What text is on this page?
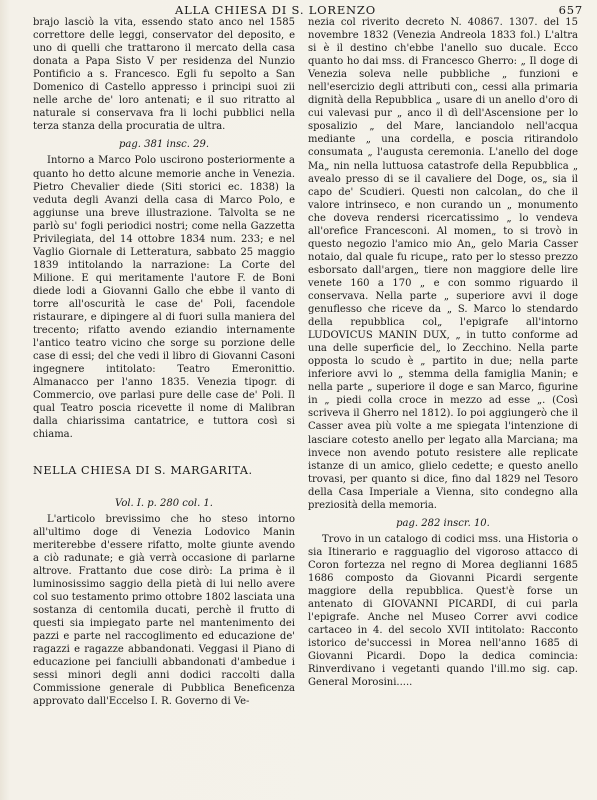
ALLA CHIESA DI S. LORENZO	657

brajo lasciò la vita, essendo stato anco nel 1585 correttore delle leggi, conservator del deposito, e uno di quelli che trattarono il mercato della casa donata a Papa Sisto V per residenza del Nunzio Pontificio a s. Francesco. Egli fu sepolto a San Domenico di Castello appresso i principi suoi zii nelle arche de' loro antenati; e il suo ritratto al naturale si conservava fra li lochi pubblici nella terza stanza della procuratia de ultra.

pag. 381 insc. 29.

Intorno a Marco Polo uscirono posteriormente a quanto ho detto alcune memorie anche in Venezia. Pietro Chevalier diede (Siti storici ec. 1838) la veduta degli Avanzi della casa di Marco Polo, e aggiunse una breve illustrazione. Talvolta se ne parlò su' fogli periodici nostri; come nella Gazzetta Privilegiata, del 14 ottobre 1834 num. 233; e nel Vaglio Giornale di Letteratura, sabbato 25 maggio 1839 intitolando la narrazione: La Corte del Milione. E qui meritamente l'autore F. de Boni diede lodi a Giovanni Gallo che ebbe il vanto di torre all'oscurità le case de' Poli, facendole ristaurare, e dipingere al di fuori sulla maniera del trecento; rifatto avendo eziandio internamente l'antico teatro vicino che sorge su porzione delle case di essi; del che vedi il libro di Giovanni Casoni ingegnere intitolato: Teatro Emeronittio. Almanacco per l'anno 1835. Venezia tipogr. di Commercio, ove parlasi pure delle case de' Poli. Il qual Teatro poscia ricevette il nome di Malibran dalla chiarissima cantatrice, e tuttora così si chiama.

NELLA CHIESA DI S. MARGARITA.

Vol. I. p. 280 col. 1.

L'articolo brevissimo che ho steso intorno all'ultimo doge di Venezia Lodovico Manin meriterebbe d'essere rifatto, molte giunte avendo a ciò radunate; e già verrà occasione di parlarne altrove. Frattanto due cose dirò: La prima è il luminosissimo saggio della pietà di lui nello avere col suo testamento primo ottobre 1802 lasciata una sostanza di centomila ducati, perchè il frutto di questi sia impiegato parte nel mantenimento dei pazzi e parte nel raccoglimento ed educazione de' ragazzi e ragazze abbandonati. Veggasi il Piano di educazione pei fanciulli abbandonati d'ambedue i sessi minori degli anni dodici raccolti dalla Commissione generale di Pubblica Beneficenza approvato dall'Eccelso I. R. Governo di Ve-

nezia col riverito decreto N. 40867. 1307. del 15 novembre 1832 (Venezia Andreola 1833 fol.) L'altra si è il destino ch'ebbe l'anello suo ducale. Ecco quanto ho dai mss. di Francesco Gherro: „ Il doge di Venezia soleva nelle pubbliche „ funzioni e nell'esercizio degli attributi con„ cessi alla primaria dignità della Repubblica „ usare di un anello d'oro di cui valevasi pur „ anco il dì dell'Ascensione per lo sposalizio „ del Mare, lanciandolo nell'acqua mediante „ una cordella, e poscia ritirandolo consumata „ l'augusta ceremonia. L'anello del doge Ma„ nin nella luttuosa catastrofe della Repubblica „ avealo presso di se il cavaliere del Doge, os„ sia il capo de' Scudieri. Questi non calcolan„ do che il valore intrinseco, e non curando un „ monumento che doveva rendersi ricercatissimo „ lo vendeva all'orefice Francesconi. Al momen„ to si trovò in questo negozio l'amico mio An„ gelo Maria Casser notaio, dal quale fu ricupe„ rato per lo stesso prezzo esborsato dall'argen„ tiere non maggiore delle lire venete 160 a 170 „ e con sommo riguardo il conservava. Nella parte „ superiore avvi il doge genuflesso che riceve da „ S. Marco lo stendardo della repubblica col„ l'epigrafe all'intorno LUDOVICUS MANIN DUX, „ in tutto conforme ad una delle superficie del„ lo Zecchino. Nella parte opposta lo scudo è „ partito in due; nella parte inferiore avvi lo „ stemma della famiglia Manin; e nella parte „ superiore il doge e san Marco, figurine in „ piedi colla croce in mezzo ad esse „. (Così scriveva il Gherro nel 1812). Io poi aggiungerò che il Casser avea più volte a me spiegata l'intenzione di lasciare cotesto anello per legato alla Marciana; ma invece non avendo potuto resistere alle replicate istanze di un amico, glielo cedette; e questo anello trovasi, per quanto si dice, fino dal 1829 nel Tesoro della Casa Imperiale a Vienna, sito condegno alla preziosità della memoria.

pag. 282 inscr. 10.

Trovo in un catalogo di codici mss. una Historia o sia Itinerario e ragguaglio del vigoroso attacco di Coron fortezza nel regno di Morea deglianni 1685 1686 composto da Giovanni Picardi sergente maggiore della repubblica. Quest'è forse un antenato di GIOVANNI PICARDI, di cui parla l'epigrafe. Anche nel Museo Correr avvi codice cartaceo in 4. del secolo XVII intitolato: Racconto istorico de'successi in Morea nell'anno 1685 di Giovanni Picardi. Dopo la dedica comincia: Rinverdivano i vegetanti quando l'ill.mo sig. cap. General Morosini.....
